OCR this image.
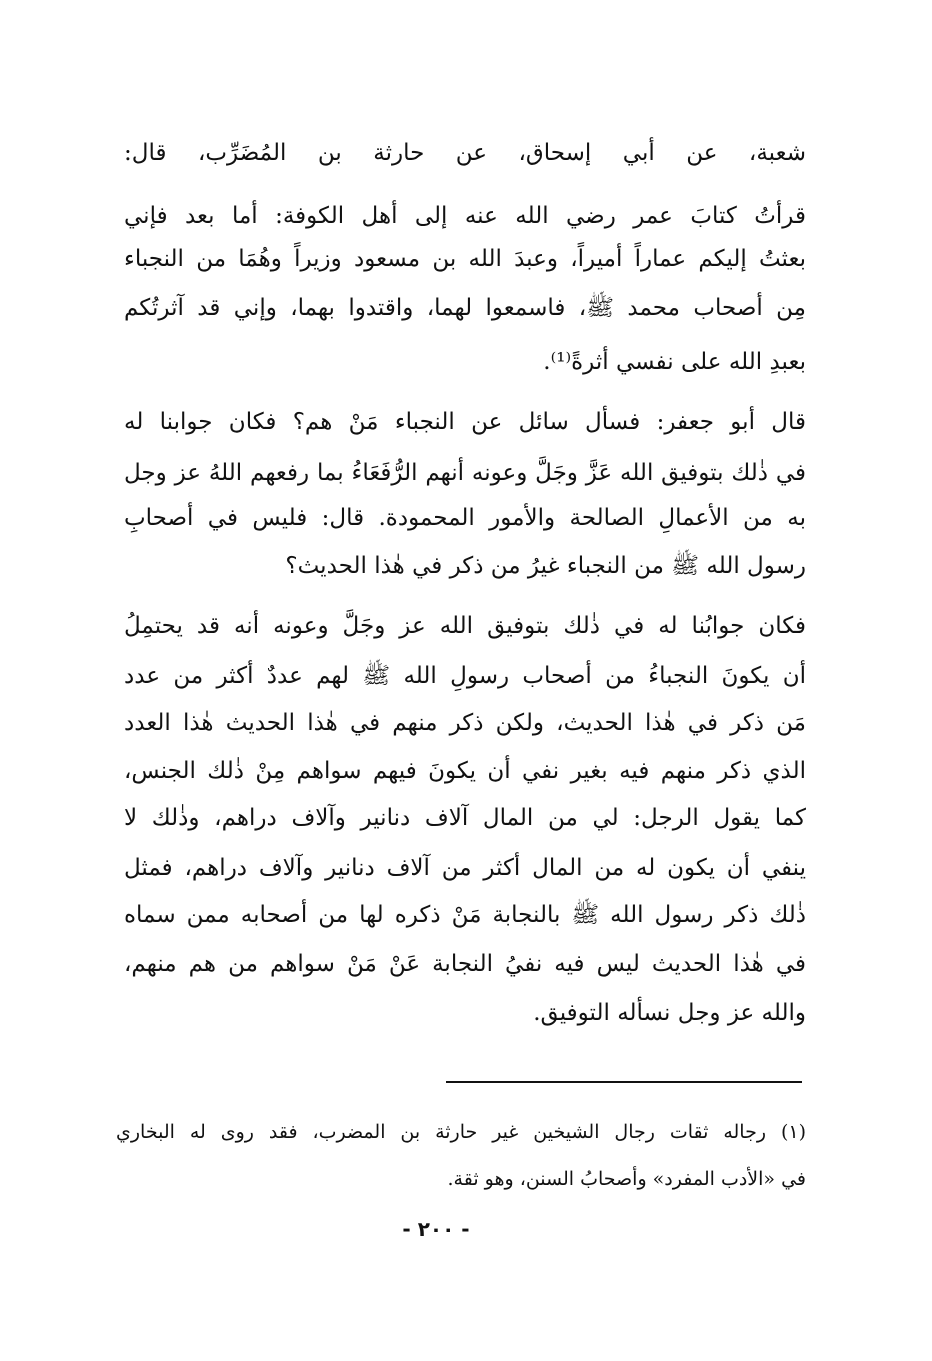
شعبة، عن أبي إسحاق، عن حارثة بن المُضَرِّب، قال:
قرأتُ كتابَ عمر رضي الله عنه إلى أهل الكوفة: أما بعد فإني
بعثتُ إليكم عماراً أميراً، وعبدَ الله بن مسعود وزيراً وهُمَا من النجباء
مِن أصحاب محمد ﷺ، فاسمعوا لهما، واقتدوا بهما، وإني قد آثرتُكم
بعبدِ الله على نفسي أثرةً⁽¹⁾.
قال أبو جعفر: فسأل سائل عن النجباء مَنْ هم؟ فكان جوابنا له
في ذٰلك بتوفيق الله عَزَّ وجَلَّ وعونه أنهم الرُّفَعَاءُ بما رفعهم اللهُ عز وجل
به من الأعمالِ الصالحة والأمور المحمودة. قال: فليس في أصحابِ
رسول الله ﷺ من النجباء غيرُ من ذكر في هٰذا الحديث؟
فكان جوابُنا له في ذٰلك بتوفيق الله عز وجَلَّ وعونه أنه قد يحتمِلُ
أن يكونَ النجباءُ من أصحاب رسولِ الله ﷺ لهم عددٌ أكثر من عدد
مَن ذكر في هٰذا الحديث، ولكن ذكر منهم في هٰذا الحديث هٰذا العدد
الذي ذكر منهم فيه بغير نفي أن يكونَ فيهم سواهم مِنْ ذٰلك الجنس،
كما يقول الرجل: لي من المال آلاف دنانير وآلاف دراهم، وذٰلك لا
ينفي أن يكون له من المال أكثر من آلاف دنانير وآلاف دراهم، فمثل
ذٰلك ذكر رسول الله ﷺ بالنجابة مَنْ ذكره لها من أصحابه ممن سماه
في هٰذا الحديث ليس فيه نفيُ النجابة عَنْ مَنْ سواهم من هم منهم،
والله عز وجل نسأله التوفيق.
(١) رجاله ثقات رجال الشيخين غير حارثة بن المضرب، فقد روى له البخاري
في «الأدب المفرد» وأصحابُ السنن، وهو ثقة.
- ٢٠٠ -
